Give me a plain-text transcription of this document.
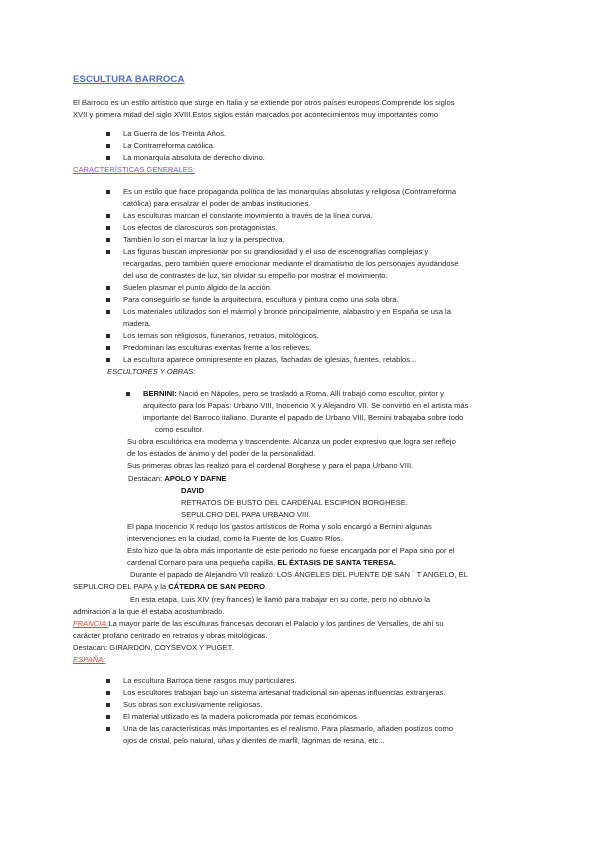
ESCULTURA BARROCA
El Barroco es un estilo artístico que surge en Italia y se extiende por otros países europeos.Comprende los siglos
XVII y primera mitad del siglo XVIII.Estos siglos están marcados por acontecimientos muy importantes como
La Guerra de los Treinta Años.
La Contrarreforma católica.
La monarquía absoluta de derecho divino.
CARACTERÍSTICAS GENERALES:
Es un estilo que hace propaganda política de las monarquías absolutas y religiosa (Contrarreforma
católica) para ensalzar el poder de ambas instituciones.
Las esculturas marcan el constante movimiento a través de la línea curva.
Los efectos de claroscuros son protagonistas.
También lo son el marcar la luz y la perspectiva.
Las figuras buscan impresionar por su grandiosidad y el uso de escenografías complejas y
recargadas, pero también quiere emocionar mediante el dramatismo de los personajes ayudándose
del uso de contrastes de luz, sin olvidar su empeño por mostrar el movimiento.
Suelen plasmar el punto álgido de la acción.
Para conseguirlo se funde la arquitectura, escultura y pintura como una sola obra.
Los materiales utilizados son el mármol y bronce principalmente, alabastro y en España se usa la
madera.
Los temas son religiosos, funerarios, retratos, mitológicos.
Predominan las esculturas exentas frente a los relieves.
La escultura aparece omnipresente en plazas, fachadas de iglesias, fuentes, retablos...
ESCULTORES Y OBRAS:
BERNINI: Nació en Nápoles, pero se trasladó a Roma. Allí trabajó como escultor, pintor y
arquitecto para los Papas: Urbano VIII, Inocencio X y Alejandro VII. Se convirtió en el artista más
importante del Barroco italiano. Durante el papado de Urbano VIII, Bernini trabajaba sobre todo
como escultor.
Su obra escultórica era moderna y trascendente. Alcanza un poder expresivo que logra ser reflejo
de los estados de ánimo y del poder de la personalidad.
Sus primeras obras las realizó para el cardenal Borghese y para el papa Urbano VIII.
Destacan: APOLO Y DAFNE
DAVID
RETRATOS DE BUSTO DEL CARDENAL ESCIPION BORGHESE.
SEPULCRO DEL PAPA URBANO VIII.
El papa Inocencio X redujo los gastos artísticos de Roma y solo encargó a Bernini algunas
intervenciones en la ciudad, como la Fuente de los Cuatro Ríos.
Esto hizo que la obra más importante de este periodo no fuese encargada por el Papa sino por el
cardenal Cornaro para una pequeña capilla, EL ÉXTASIS DE SANTA TERESA.
Durante el papado de Alejandro VII realizó: LOS ÁNGELES DEL PUENTE DE SAN ´ T ANGELO, EL
SEPULCRO DEL PAPA y la CÁTEDRA DE SAN PEDRO.
En esta etapa, Luis XIV (rey francés) le llamó para trabajar en su corte, pero no obtuvo la
admiración a la que él estaba acostumbrado.
FRANCIA:La mayor parte de las esculturas francesas decoran el Palacio y los jardines de Versalles, de ahí su
carácter profano centrado en retratos y obras mitológicas.
Destacan: GIRARDON, COYSEVOX Y PUGET.
ESPAÑA:
La escultura Barroca tiene rasgos muy particulares.
Los escultores trabajan bajo un sistema artesanal tradicional sin apenas influencias extranjeras.
Sus obras son exclusivamente religiosas.
El material utilizado es la madera policromada por temas económicos.
Una de las características más importantes es el realismo. Para plasmarlo, añaden postizos como
ojos de cristal, pelo natural, uñas y dientes de marfil, lágrimas de resina, etc...
